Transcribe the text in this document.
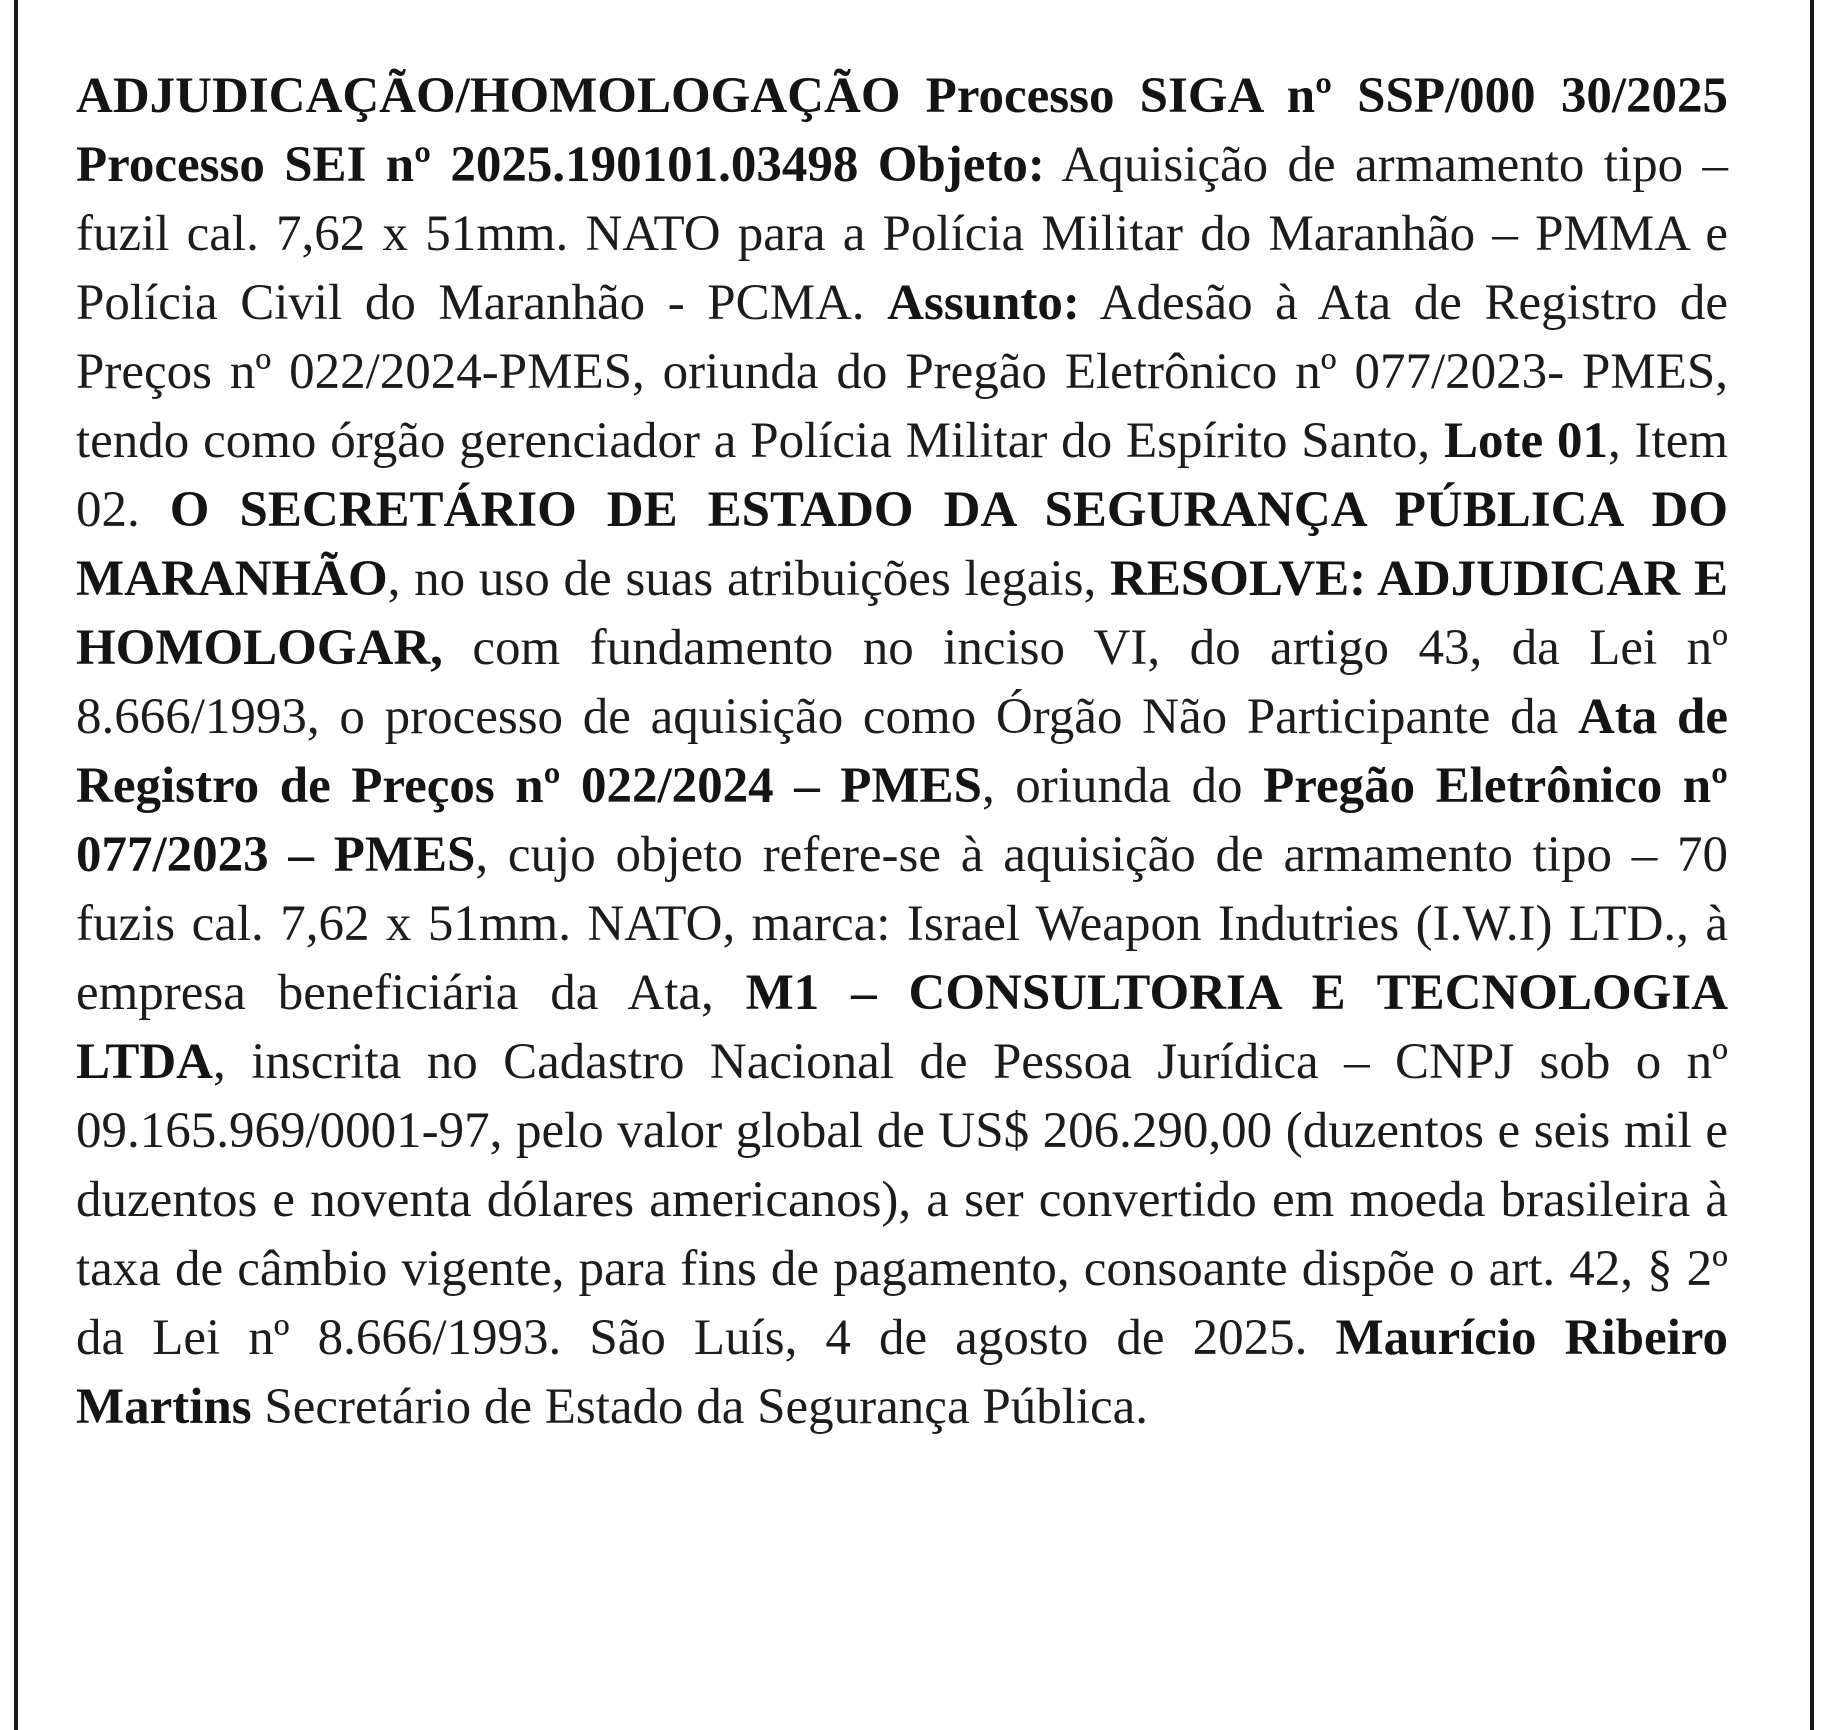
ADJUDICAÇÃO/HOMOLOGAÇÃO Processo SIGA nº SSP/000 30/2025 Processo SEI nº 2025.190101.03498 Objeto: Aquisição de armamento tipo – fuzil cal. 7,62 x 51mm. NATO para a Polícia Militar do Maranhão – PMMA e Polícia Civil do Maranhão - PCMA. Assunto: Adesão à Ata de Registro de Preços nº 022/2024-PMES, oriunda do Pregão Eletrônico nº 077/2023- PMES, tendo como órgão gerenciador a Polícia Militar do Espírito Santo, Lote 01, Item 02. O SECRETÁRIO DE ESTADO DA SEGURANÇA PÚBLICA DO MARANHÃO, no uso de suas atribuições legais, RESOLVE: ADJUDICAR E HOMOLOGAR, com fundamento no inciso VI, do artigo 43, da Lei nº 8.666/1993, o processo de aquisição como Órgão Não Participante da Ata de Registro de Preços nº 022/2024 – PMES, oriunda do Pregão Eletrônico nº 077/2023 – PMES, cujo objeto refere-se à aquisição de armamento tipo – 70 fuzis cal. 7,62 x 51mm. NATO, marca: Israel Weapon Indutries (I.W.I) LTD., à empresa beneficiária da Ata, M1 – CONSULTORIA E TECNOLOGIA LTDA, inscrita no Cadastro Nacional de Pessoa Jurídica – CNPJ sob o nº 09.165.969/0001-97, pelo valor global de US$ 206.290,00 (duzentos e seis mil e duzentos e noventa dólares americanos), a ser convertido em moeda brasileira à taxa de câmbio vigente, para fins de pagamento, consoante dispõe o art. 42, § 2º da Lei nº 8.666/1993. São Luís, 4 de agosto de 2025. Maurício Ribeiro Martins Secretário de Estado da Segurança Pública.
